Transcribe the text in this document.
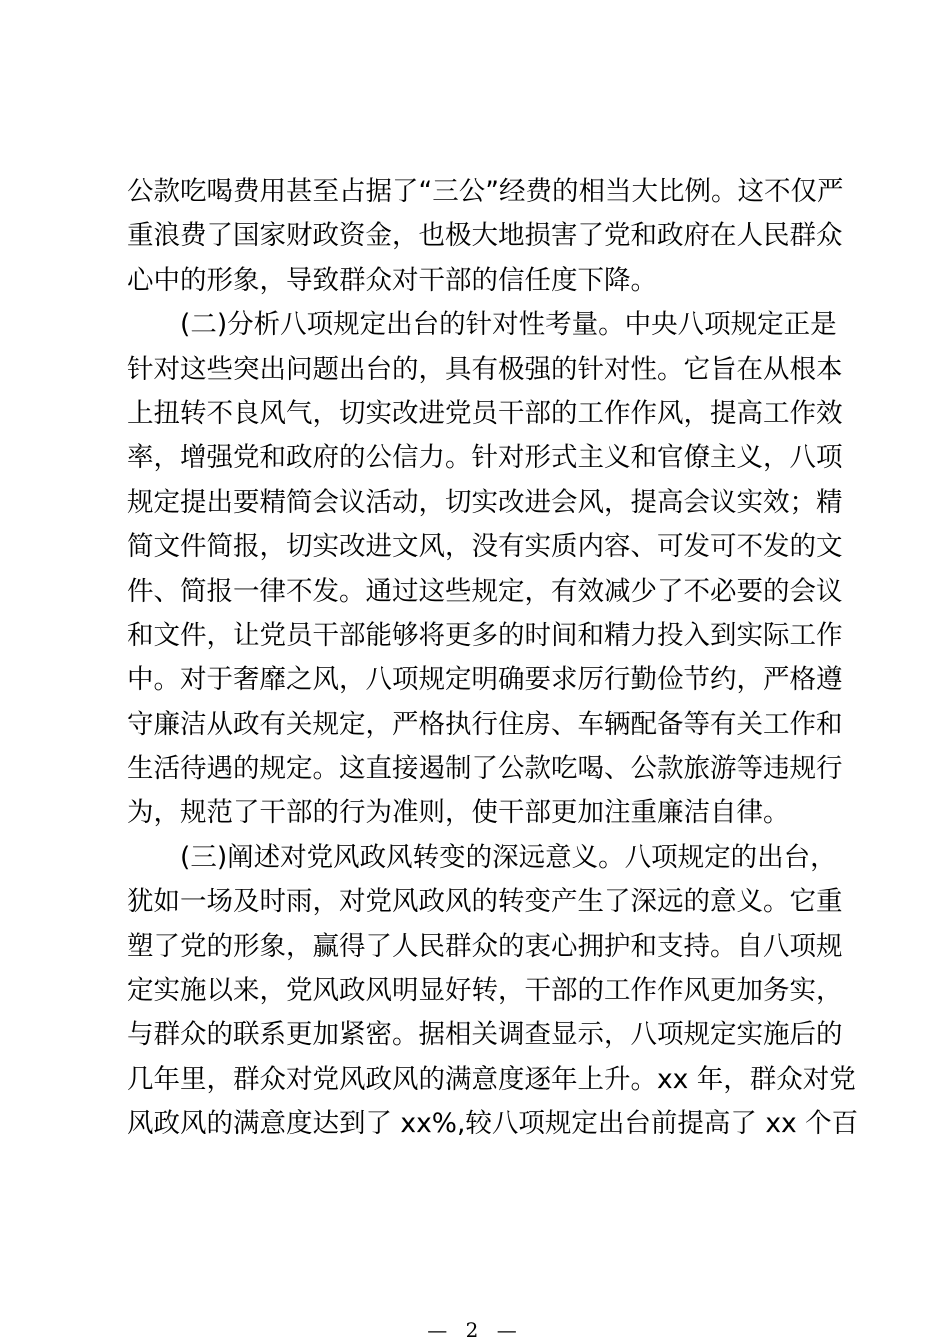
公款吃喝费用甚至占据了“三公”经费的相当大比例。这不仅严
重浪费了国家财政资金，也极大地损害了党和政府在人民群众
心中的形象，导致群众对干部的信任度下降。
(二)分析八项规定出台的针对性考量。中央八项规定正是
针对这些突出问题出台的，具有极强的针对性。它旨在从根本
上扭转不良风气，切实改进党员干部的工作作风，提高工作效
率，增强党和政府的公信力。针对形式主义和官僚主义，八项
规定提出要精简会议活动，切实改进会风，提高会议实效；精
简文件简报，切实改进文风，没有实质内容、可发可不发的文
件、简报一律不发。通过这些规定，有效减少了不必要的会议
和文件，让党员干部能够将更多的时间和精力投入到实际工作
中。对于奢靡之风，八项规定明确要求厉行勤俭节约，严格遵
守廉洁从政有关规定，严格执行住房、车辆配备等有关工作和
生活待遇的规定。这直接遏制了公款吃喝、公款旅游等违规行
为，规范了干部的行为准则，使干部更加注重廉洁自律。
(三)阐述对党风政风转变的深远意义。八项规定的出台，
犹如一场及时雨，对党风政风的转变产生了深远的意义。它重
塑了党的形象，赢得了人民群众的衷心拥护和支持。自八项规
定实施以来，党风政风明显好转，干部的工作作风更加务实，
与群众的联系更加紧密。据相关调查显示，八项规定实施后的
几年里，群众对党风政风的满意度逐年上升。xx 年，群众对党
风政风的满意度达到了 xx%,较八项规定出台前提高了 xx 个百
— 2 —
